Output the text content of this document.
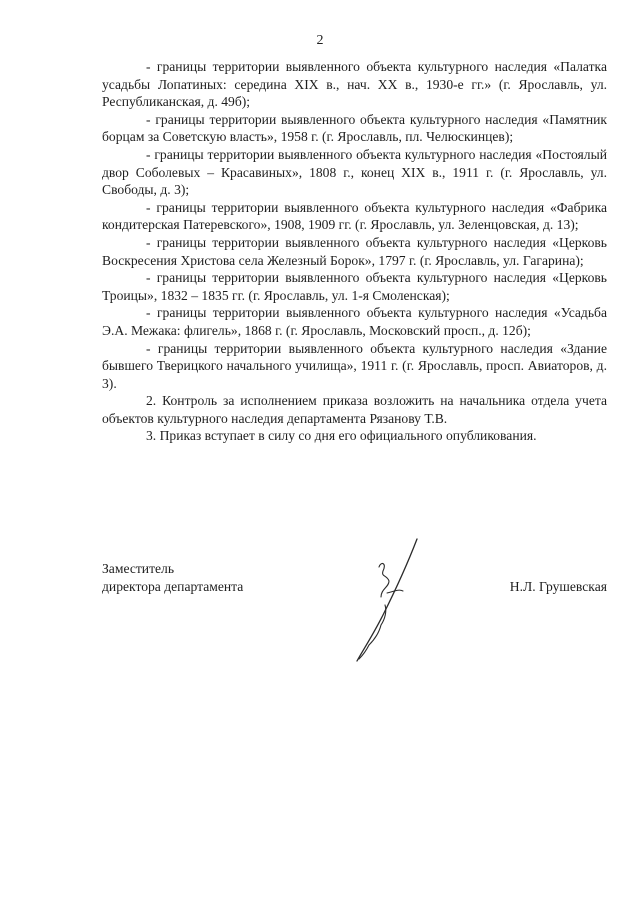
2

- границы территории выявленного объекта культурного наследия «Палатка усадьбы Лопатиных: середина XIX в., нач. XX в., 1930-е гг.» (г. Ярославль, ул. Республиканская, д. 49б);

- границы территории выявленного объекта культурного наследия «Памятник борцам за Советскую власть», 1958 г. (г. Ярославль, пл. Челюскинцев);

- границы территории выявленного объекта культурного наследия «Постоялый двор Соболевых – Красавиных», 1808 г., конец XIX в., 1911 г. (г. Ярославль, ул. Свободы, д. 3);

- границы территории выявленного объекта культурного наследия «Фабрика кондитерская Патеревского», 1908, 1909 гг. (г. Ярославль, ул. Зеленцовская, д. 13);

- границы территории выявленного объекта культурного наследия «Церковь Воскресения Христова села Железный Борок», 1797 г. (г. Ярославль, ул. Гагарина);

- границы территории выявленного объекта культурного наследия «Церковь Троицы», 1832 – 1835 гг. (г. Ярославль, ул. 1-я Смоленская);

- границы территории выявленного объекта культурного наследия «Усадьба Э.А. Межака: флигель», 1868 г. (г. Ярославль, Московский просп., д. 12б);

- границы территории выявленного объекта культурного наследия «Здание бывшего Тверицкого начального училища», 1911 г. (г. Ярославль, просп. Авиаторов, д. 3).

2. Контроль за исполнением приказа возложить на начальника отдела учета объектов культурного наследия департамента Рязанову Т.В.

3. Приказ вступает в силу со дня его официального опубликования.

Заместитель
директора департамента	Н.Л. Грушевская
